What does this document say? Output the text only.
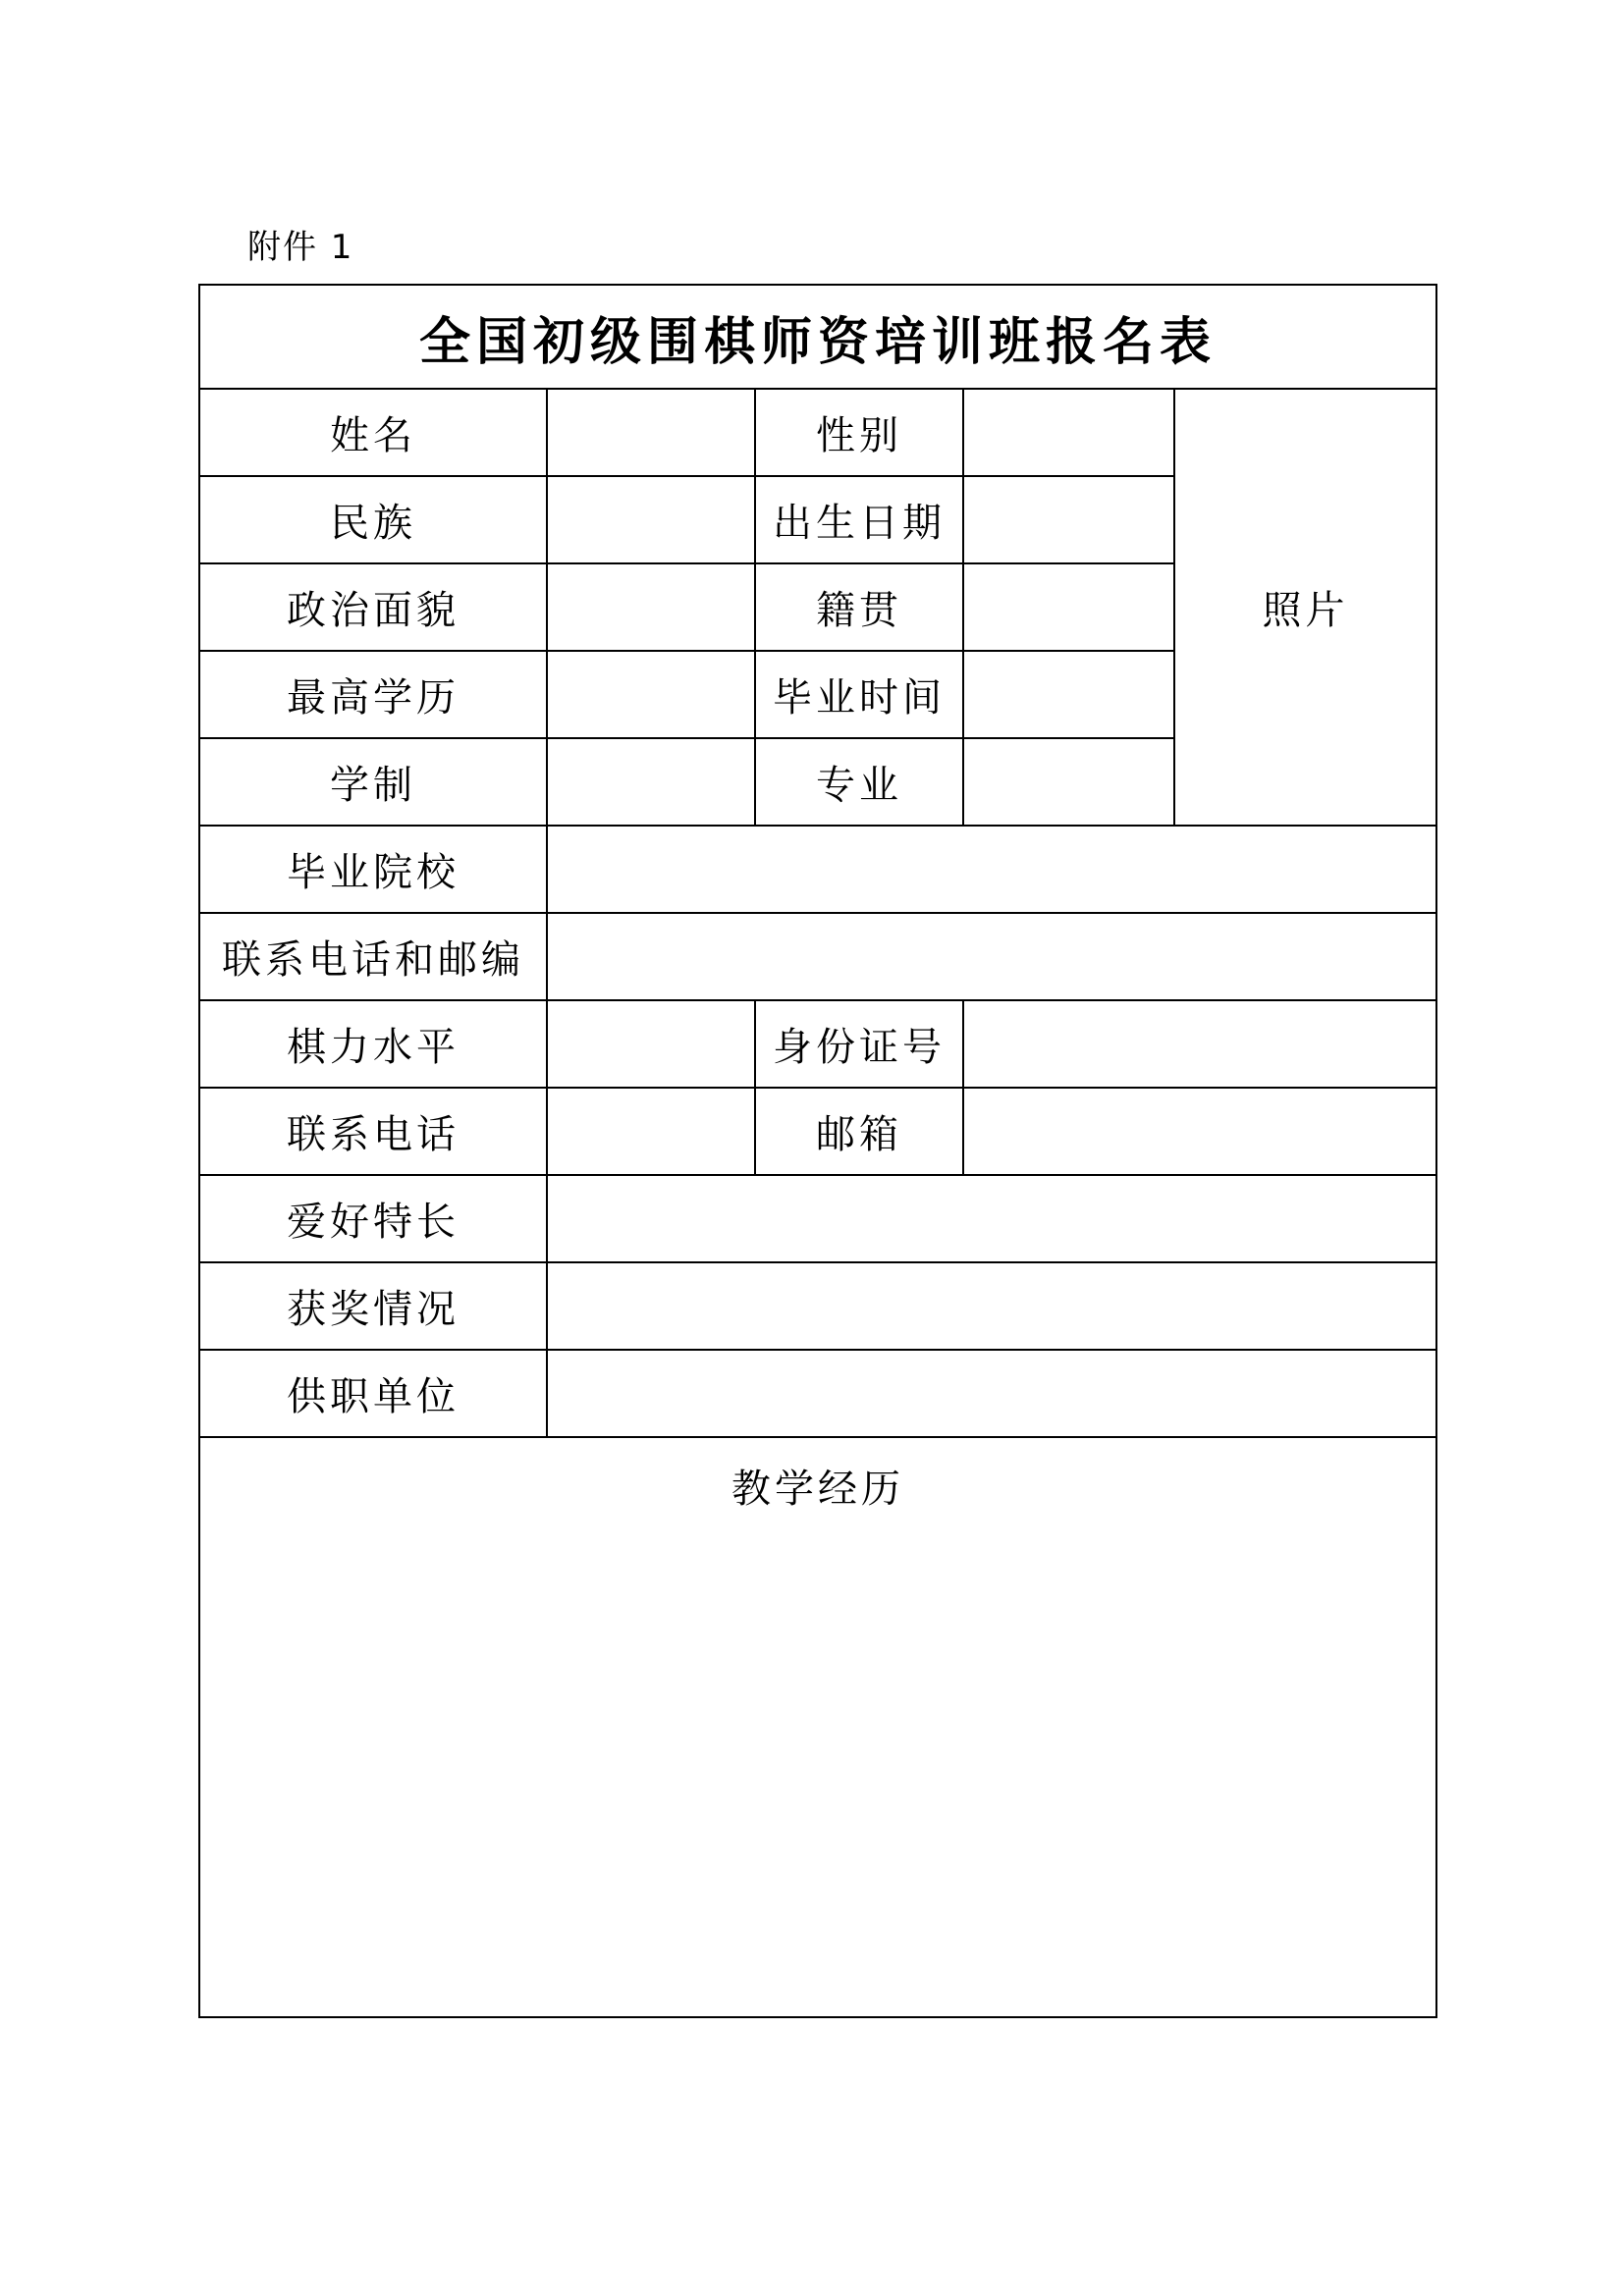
附件 1
全国初级围棋师资培训班报名表				
姓名		性别		照片
民族		出生日期		
政治面貌		籍贯		
最高学历		毕业时间		
学制		专业		
毕业院校				
联系电话和邮编				
棋力水平		身份证号		
联系电话		邮箱		
爱好特长				
获奖情况				
供职单位				

教学经历				
